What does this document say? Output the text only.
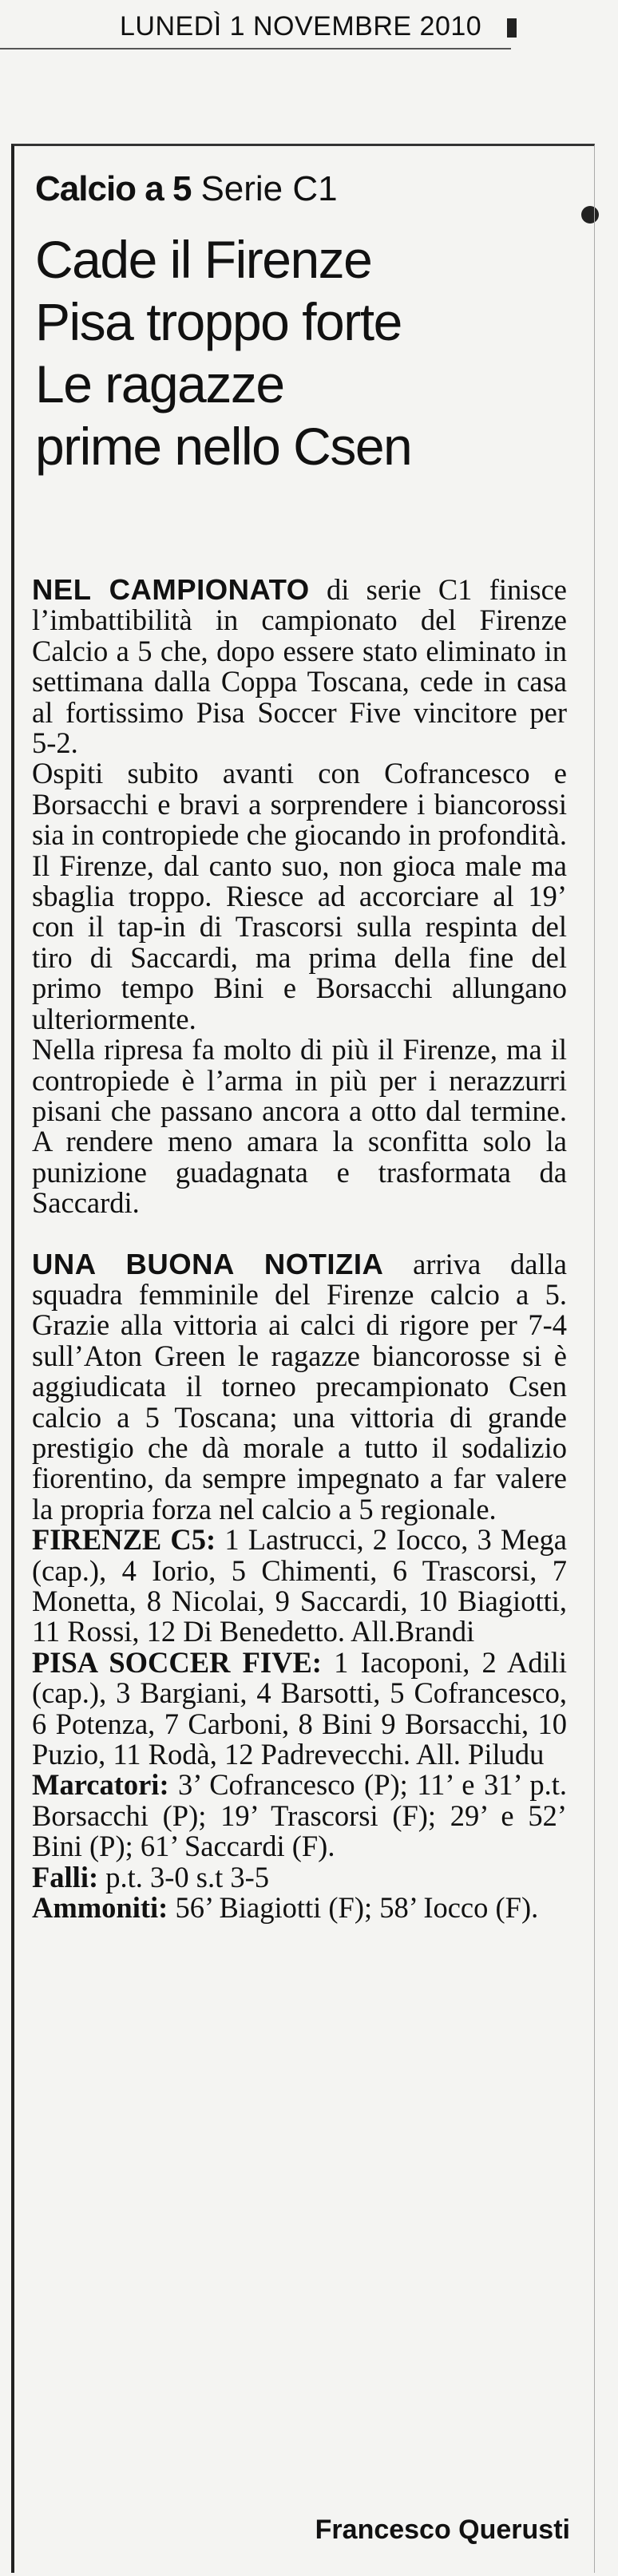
LUNEDÌ 1 NOVEMBRE 2010
Calcio a 5 Serie C1
Cade il Firenze
Pisa troppo forte
Le ragazze
prime nello Csen

NEL CAMPIONATO di serie C1 finisce l’imbattibilità in campionato del Firenze Calcio a 5 che, dopo essere stato eliminato in settimana dalla Coppa Toscana, cede in casa al fortissimo Pisa Soccer Five vincitore per 5-2.

Ospiti subito avanti con Cofrancesco e Borsacchi e bravi a sorprendere i biancorossi sia in contropiede che giocando in profondità. Il Firenze, dal canto suo, non gioca male ma sbaglia troppo. Riesce ad accorciare al 19’ con il tap-in di Trascorsi sulla respinta del tiro di Saccardi, ma prima della fine del primo tempo Bini e Borsacchi allungano ulteriormente.

Nella ripresa fa molto di più il Firenze, ma il contropiede è l’arma in più per i nerazzurri pisani che passano ancora a otto dal termine. A rendere meno amara la sconfitta solo la punizione guadagnata e trasformata da Saccardi.

UNA BUONA NOTIZIA arriva dalla squadra femminile del Firenze calcio a 5. Grazie alla vittoria ai calci di rigore per 7-4 sull’Aton Green le ragazze biancorosse si è aggiudicata il torneo precampionato Csen calcio a 5 Toscana; una vittoria di grande prestigio che dà morale a tutto il sodalizio fiorentino, da sempre impegnato a far valere la propria forza nel calcio a 5 regionale.

FIRENZE C5: 1 Lastrucci, 2 Iocco, 3 Mega (cap.), 4 Iorio, 5 Chimenti, 6 Trascorsi, 7 Monetta, 8 Nicolai, 9 Saccardi, 10 Biagiotti, 11 Rossi, 12 Di Benedetto. All.Brandi

PISA SOCCER FIVE: 1 Iacoponi, 2 Adili (cap.), 3 Bargiani, 4 Barsotti, 5 Cofrancesco, 6 Potenza, 7 Carboni, 8 Bini 9 Borsacchi, 10 Puzio, 11 Rodà, 12 Padrevecchi. All. Piludu

Marcatori: 3’ Cofrancesco (P); 11’ e 31’ p.t. Borsacchi (P); 19’ Trascorsi (F); 29’ e 52’ Bini (P); 61’ Saccardi (F).

Falli: p.t. 3-0 s.t 3-5

Ammoniti: 56’ Biagiotti (F); 58’ Iocco (F).

Francesco Querusti
